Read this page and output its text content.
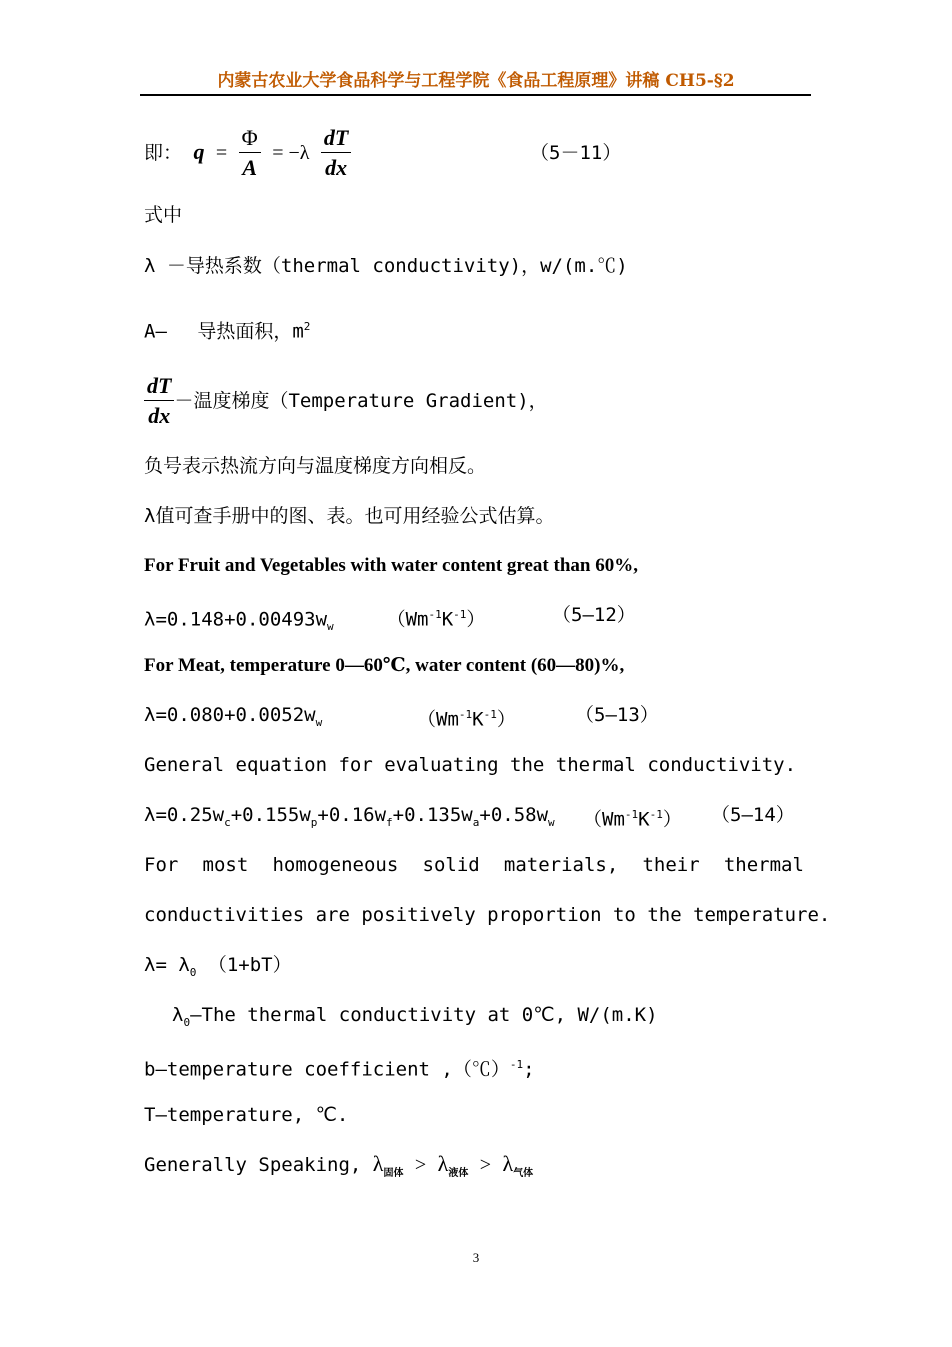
内蒙古农业大学食品科学与工程学院《食品工程原理》讲稿 CH5-§2
即： $q = \frac{\Phi}{A} = -\lambda \frac{dT}{dx}$	（5－11）
式中
λ －导热系数（thermal conductivity)，w/(m.℃)
A—　 导热面积，$m^2$
$\frac{dT}{dx}$ －温度梯度（Temperature Gradient)，
负号表示热流方向与温度梯度方向相反。
λ值可查手册中的图、表。也可用经验公式估算。
For Fruit and Vegetables with water content great than 60%,
$\lambda=0.148+0.00493w_w$	$(Wm^{-1}K^{-1})$	（5—12）
For Meat, temperature 0—60℃, water content (60—80)%,
$\lambda=0.080+0.0052w_w$	$(Wm^{-1}K^{-1})$	（5—13）
General equation for evaluating the thermal conductivity.
$\lambda=0.25w_c+0.155w_p+0.16w_f+0.135w_a+0.58w_w$ $(Wm^{-1}K^{-1})$ （5—14）
For most homogeneous solid materials, their thermal
conductivities are positively proportion to the temperature.
$\lambda= \lambda_0$ （1+bT）
$\lambda_0—The$ thermal conductivity at 0℃, W/(m.K)
b—temperature coefficient ,（℃）$^{-1}$;
T—temperature, ℃.
Generally Speaking, $\lambda_{固体} > \lambda_{液体} > \lambda_{气体}$
3
